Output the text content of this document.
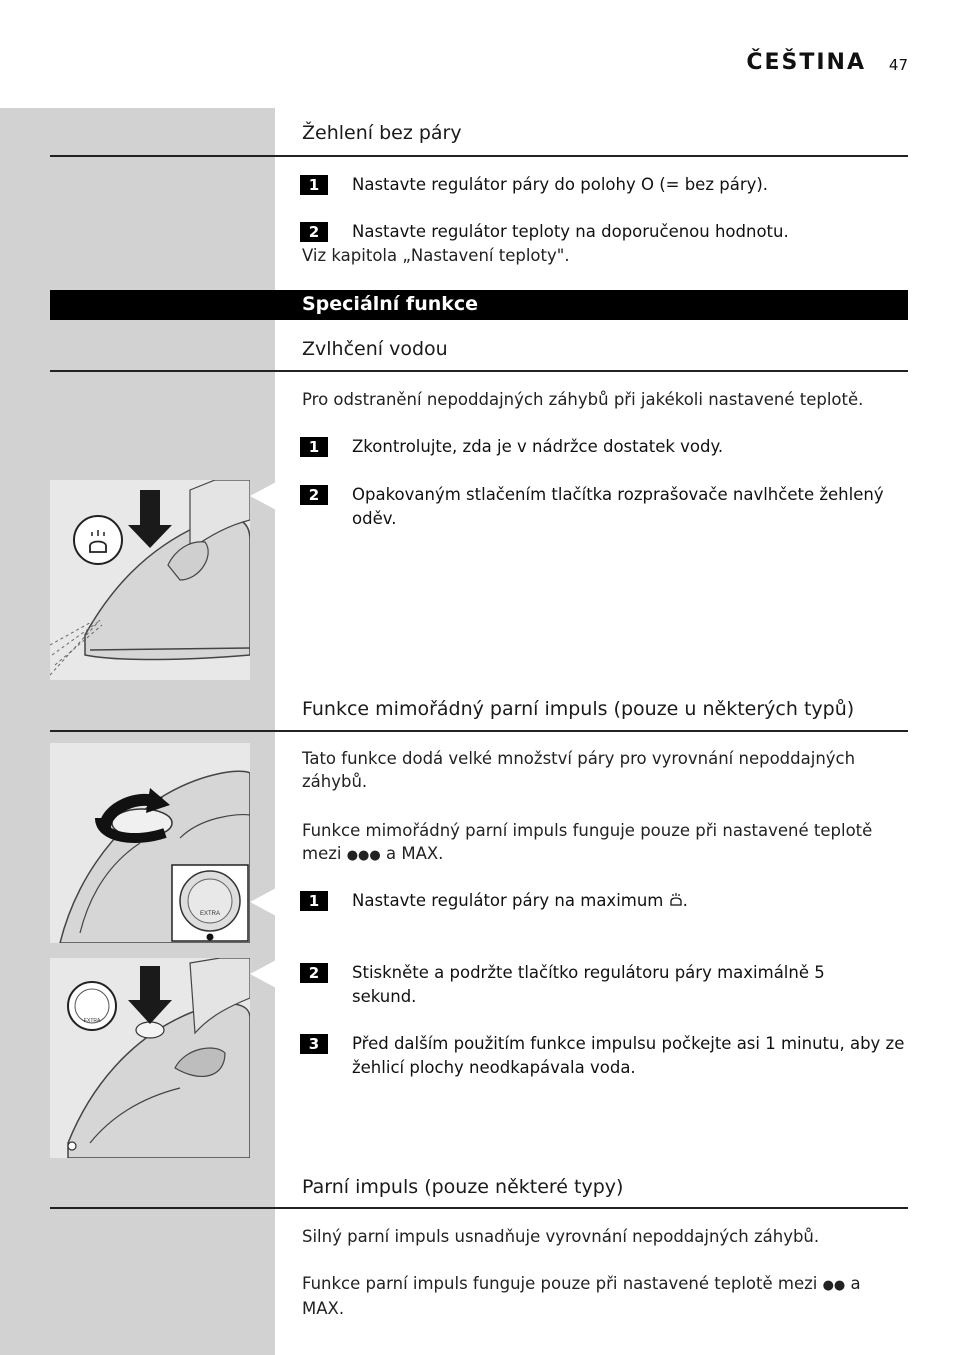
ČEŠTINA 47
Žehlení bez páry
1	Nastavte regulátor páry do polohy O (= bez páry).
2	Nastavte regulátor teploty na doporučenou hodnotu.
Viz kapitola „Nastavení teploty".
Speciální funkce
Zvlhčení vodou
Pro odstranění nepoddajných záhybů při jakékoli nastavené teplotě.
1	Zkontrolujte, zda je v nádržce dostatek vody.
2	Opakovaným stlačením tlačítka rozprašovače navlhčete žehlený oděv.
Funkce mimořádný parní impuls (pouze u některých typů)
Tato funkce dodá velké množství páry pro vyrovnání nepoddajných záhybů.
Funkce mimořádný parní impuls funguje pouze při nastavené teplotě mezi ●●● a MAX.
1	Nastavte regulátor páry na maximum .
2	Stiskněte a podržte tlačítko regulátoru páry maximálně 5 sekund.
3	Před dalším použitím funkce impulsu počkejte asi 1 minutu, aby ze žehlicí plochy neodkapávala voda.
EXTRA
EXTRA
Parní impuls (pouze některé typy)
Silný parní impuls usnadňuje vyrovnání nepoddajných záhybů.
Funkce parní impuls funguje pouze při nastavené teplotě mezi ●● a MAX.
